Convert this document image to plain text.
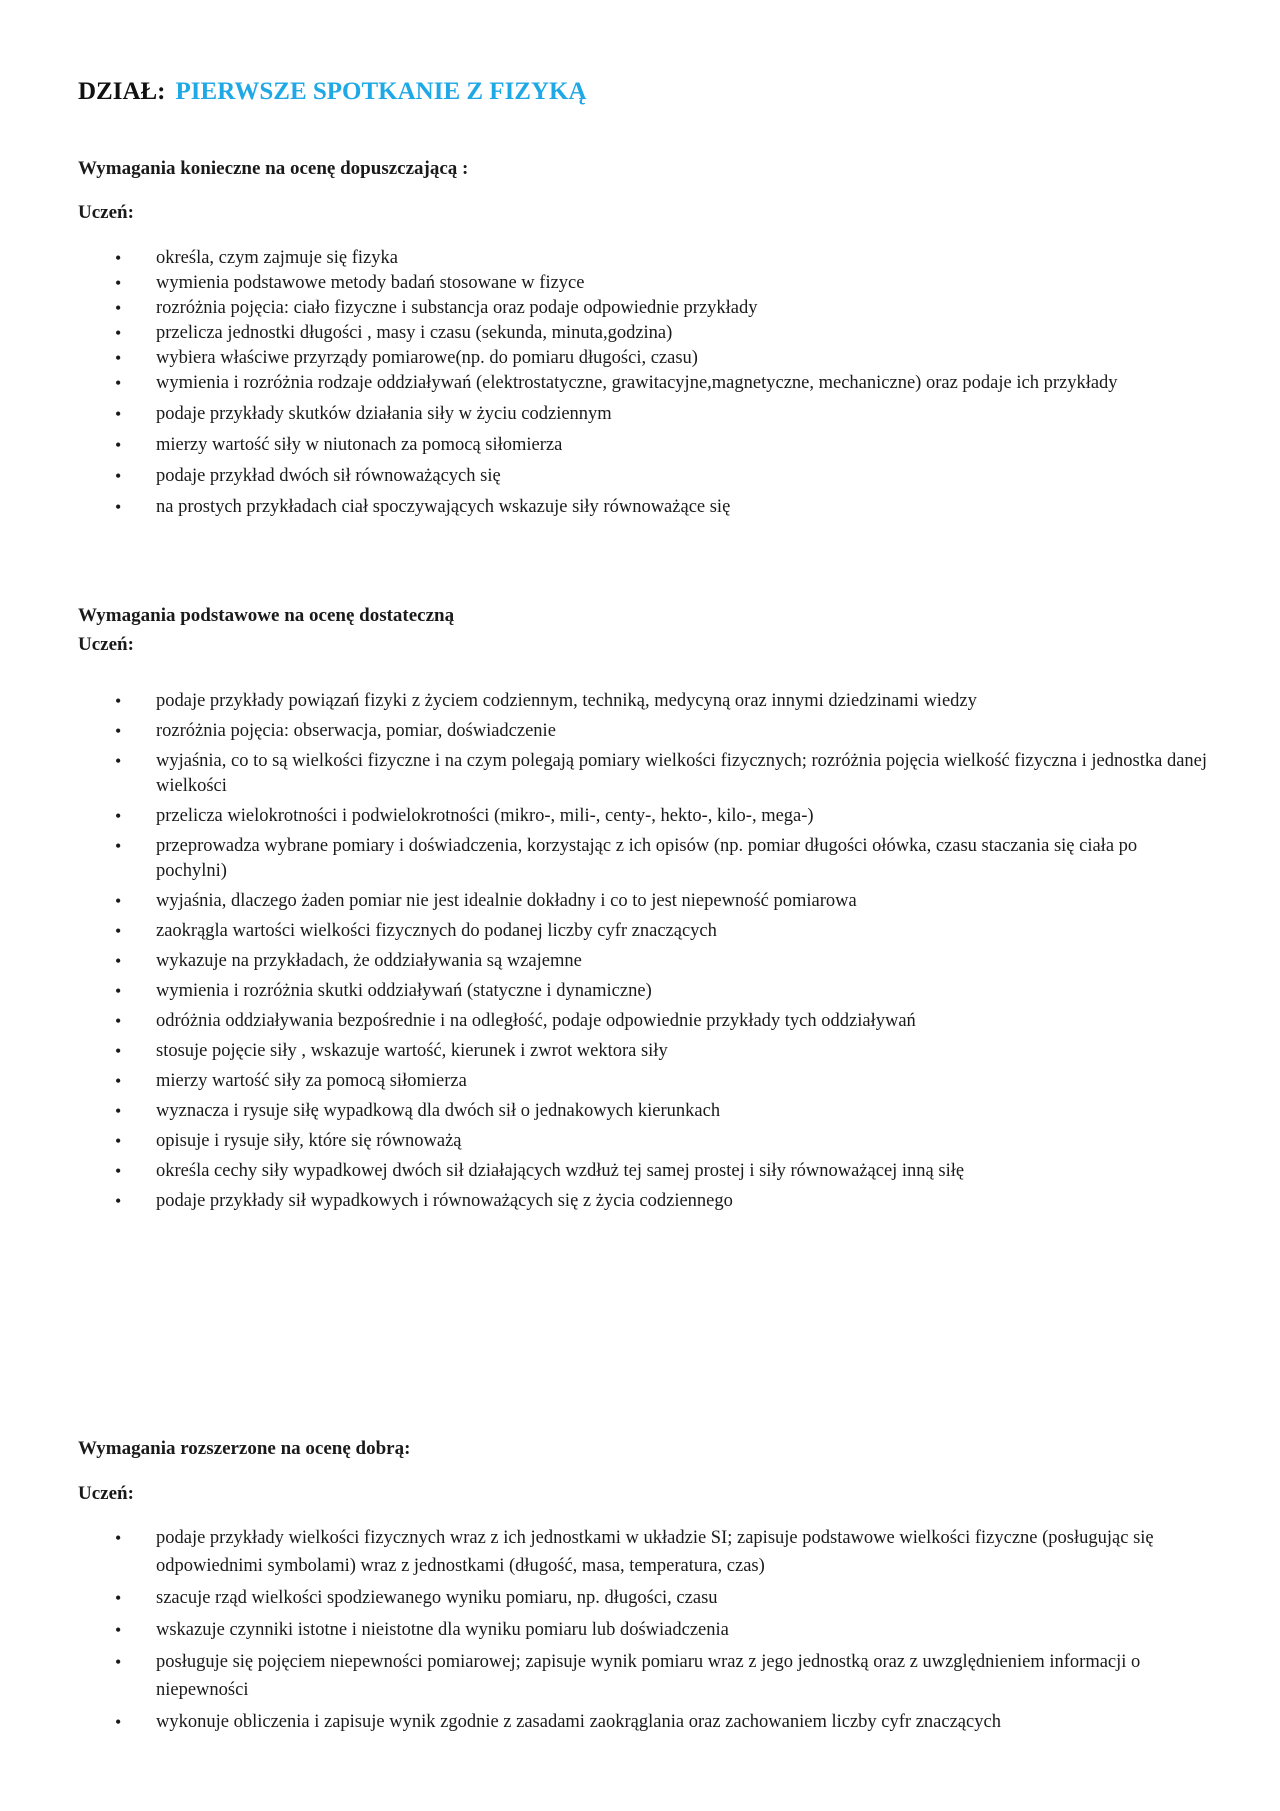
DZIAŁ: PIERWSZE SPOTKANIE Z FIZYKĄ
Wymagania konieczne na ocenę dopuszczającą :
Uczeń:
• określa, czym zajmuje się fizyka
• wymienia podstawowe metody badań stosowane w fizyce
• rozróżnia pojęcia: ciało fizyczne i substancja oraz podaje odpowiednie przykłady
• przelicza jednostki długości , masy i czasu (sekunda, minuta,godzina)
• wybiera właściwe przyrządy pomiarowe(np. do pomiaru długości, czasu)
• wymienia i rozróżnia rodzaje oddziaływań (elektrostatyczne, grawitacyjne,magnetyczne, mechaniczne) oraz podaje ich przykłady
• podaje przykłady skutków działania siły w życiu codziennym
• mierzy wartość siły w niutonach za pomocą siłomierza
• podaje przykład dwóch sił równoważących się
• na prostych przykładach ciał spoczywających wskazuje siły równoważące się
Wymagania podstawowe na ocenę dostateczną
Uczeń:
• podaje przykłady powiązań fizyki z życiem codziennym, techniką, medycyną oraz innymi dziedzinami wiedzy
• rozróżnia pojęcia: obserwacja, pomiar, doświadczenie
• wyjaśnia, co to są wielkości fizyczne i na czym polegają pomiary wielkości fizycznych; rozróżnia pojęcia wielkość fizyczna i jednostka danej wielkości
• przelicza wielokrotności i podwielokrotności (mikro-, mili-, centy-, hekto-, kilo-, mega-)
• przeprowadza wybrane pomiary i doświadczenia, korzystając z ich opisów (np. pomiar długości ołówka, czasu staczania się ciała po pochylni)
• wyjaśnia, dlaczego żaden pomiar nie jest idealnie dokładny i co to jest niepewność pomiarowa
• zaokrągla wartości wielkości fizycznych do podanej liczby cyfr znaczących
• wykazuje na przykładach, że oddziaływania są wzajemne
• wymienia i rozróżnia skutki oddziaływań (statyczne i dynamiczne)
• odróżnia oddziaływania bezpośrednie i na odległość, podaje odpowiednie przykłady tych oddziaływań
• stosuje pojęcie siły , wskazuje wartość, kierunek i zwrot wektora siły
• mierzy wartość siły za pomocą siłomierza
• wyznacza i rysuje siłę wypadkową dla dwóch sił o jednakowych kierunkach
• opisuje i rysuje siły, które się równoważą
• określa cechy siły wypadkowej dwóch sił działających wzdłuż tej samej prostej i siły równoważącej inną siłę
• podaje przykłady sił wypadkowych i równoważących się z życia codziennego
Wymagania rozszerzone na ocenę dobrą:
Uczeń:
• podaje przykłady wielkości fizycznych wraz z ich jednostkami w układzie SI; zapisuje podstawowe wielkości fizyczne (posługując się odpowiednimi symbolami) wraz z jednostkami (długość, masa, temperatura, czas)
• szacuje rząd wielkości spodziewanego wyniku pomiaru, np. długości, czasu
• wskazuje czynniki istotne i nieistotne dla wyniku pomiaru lub doświadczenia
• posługuje się pojęciem niepewności pomiarowej; zapisuje wynik pomiaru wraz z jego jednostką oraz z uwzględnieniem informacji o niepewności
• wykonuje obliczenia i zapisuje wynik zgodnie z zasadami zaokrąglania oraz zachowaniem liczby cyfr znaczących
